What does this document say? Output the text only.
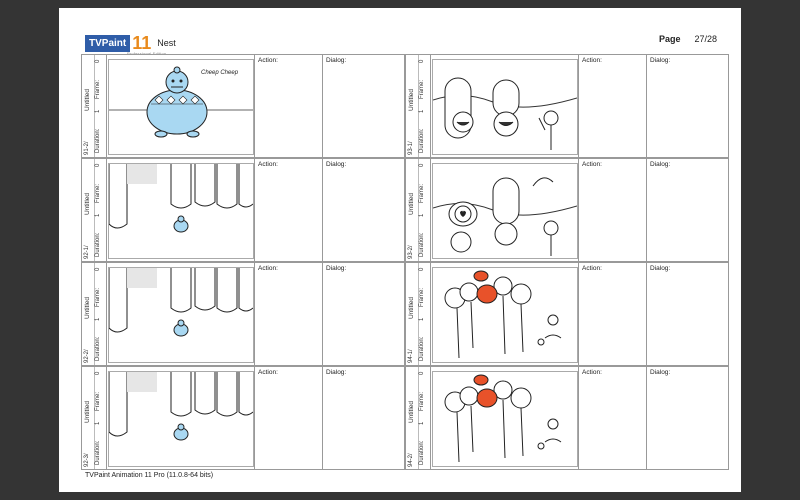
TVPaint
Professional Edition
11 Nest	Page 27/28
Untitled
91-2/
0
Frame:
1
Duration:
Cheep Cheep
Action:	Dialog:
Untitled
92-1/
0
Frame:
1
Duration:
Action:	Dialog:
Untitled
92-2/
0
Frame:
1
Duration:
Action:	Dialog:
Untitled
92-3/
0
Frame:
1
Duration:
Action:	Dialog:
Untitled
93-1/
0
Frame:
1
Duration:
Action:	Dialog:
Untitled
93-2/
0
Frame:
1
Duration:
Action:	Dialog:
Untitled
94-1/
0
Frame:
1
Duration:
Action:	Dialog:
Untitled
94-2/
0
Frame:
1
Duration:
Action:	Dialog:
TVPaint Animation 11 Pro (11.0.8-64 bits)
